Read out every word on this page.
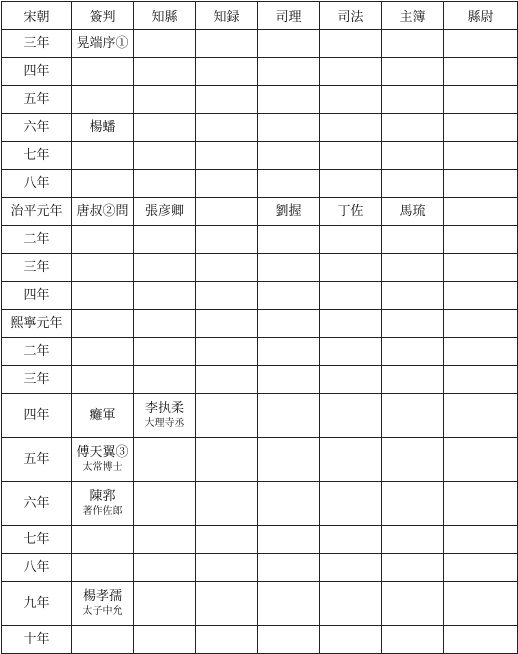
宋朝	簽判	知縣	知録	司理	司法	主簿	縣尉

三年	晃端序①						

四年							

五年							

六年	楊蟠						

七年							

八年							

治平元年	唐叔②問	張彦卿		劉握	丁佐	馬琉	

二年							

三年							

四年							

熙寧元年							

二年							

三年							

四年	癱軍	李执柔
大理寺丞					

五年	傅天翼③
太常博士						

六年	陳郛
著作佐郎						

七年							

八年							

九年	楊孝孺
太子中允						

十年							
